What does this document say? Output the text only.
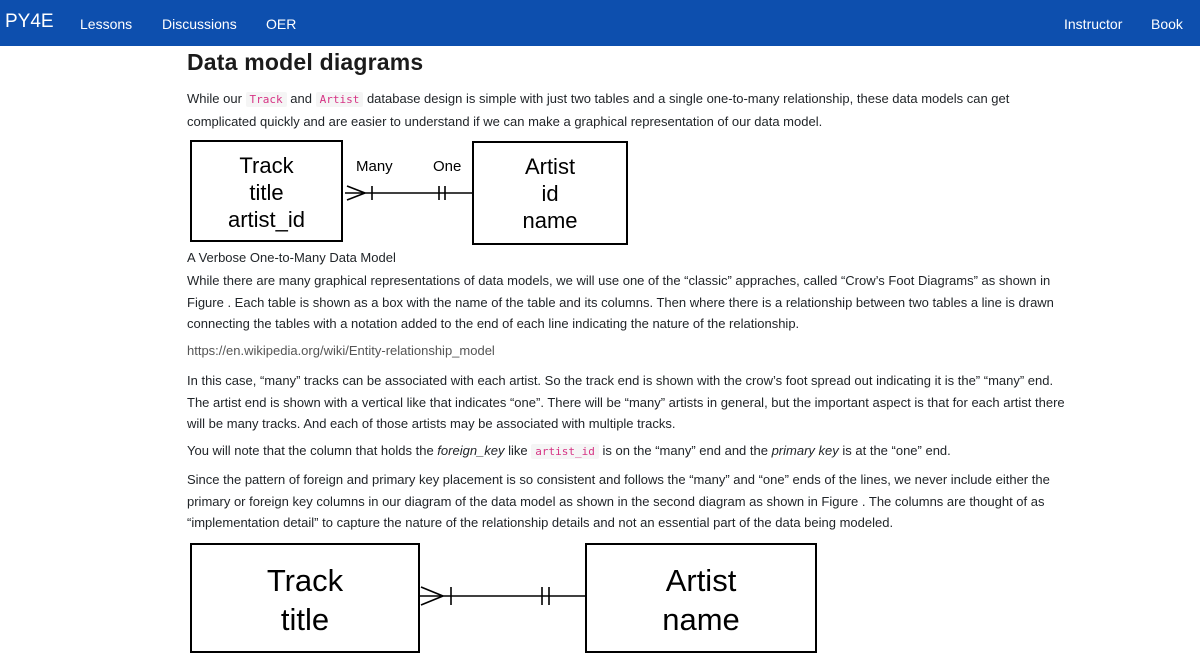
PY4E Lessons Discussions OER	Instructor Book
Data model diagrams

While our Track and Artist database design is simple with just two tables and a single one-to-many relationship, these data models can get complicated quickly and are easier to understand if we can make a graphical representation of our data model.

Track
title
artist_id
Artist
id
name
Many	One
A Verbose One-to-Many Data Model

While there are many graphical representations of data models, we will use one of the “classic” appraches, called “Crow’s Foot Diagrams” as shown in Figure . Each table is shown as a box with the name of the table and its columns. Then where there is a relationship between two tables a line is drawn connecting the tables with a notation added to the end of each line indicating the nature of the relationship.

https://en.wikipedia.org/wiki/Entity-relationship_model

In this case, “many” tracks can be associated with each artist. So the track end is shown with the crow’s foot spread out indicating it is the” “many” end. The artist end is shown with a vertical like that indicates “one”. There will be “many” artists in general, but the important aspect is that for each artist there will be many tracks. And each of those artists may be associated with multiple tracks.

You will note that the column that holds the foreign_key like artist_id is on the “many” end and the primary key is at the “one” end.

Since the pattern of foreign and primary key placement is so consistent and follows the “many” and “one” ends of the lines, we never include either the primary or foreign key columns in our diagram of the data model as shown in the second diagram as shown in Figure . The columns are thought of as “implementation detail” to capture the nature of the relationship details and not an essential part of the data being modeled.

Track
title
Artist
name
